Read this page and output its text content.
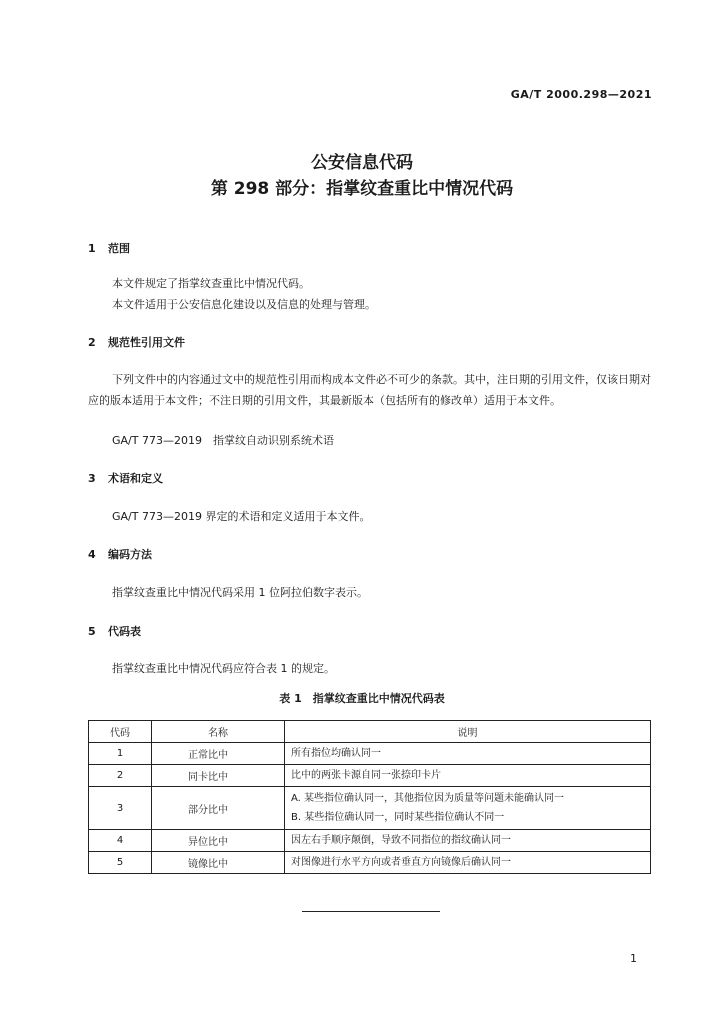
GA/T 2000.298—2021
公安信息代码
第 298 部分：指掌纹查重比中情况代码
1 范围
本文件规定了指掌纹查重比中情况代码。
本文件适用于公安信息化建设以及信息的处理与管理。
2 规范性引用文件
下列文件中的内容通过文中的规范性引用而构成本文件必不可少的条款。其中，注日期的引用文件，仅该日期对应的版本适用于本文件；不注日期的引用文件，其最新版本（包括所有的修改单）适用于本文件。
GA/T 773—2019　指掌纹自动识别系统术语
3 术语和定义
GA/T 773—2019 界定的术语和定义适用于本文件。
4 编码方法
指掌纹查重比中情况代码采用 1 位阿拉伯数字表示。
5 代码表
指掌纹查重比中情况代码应符合表 1 的规定。
表 1　指掌纹查重比中情况代码表
代码	名称	说明
1	正常比中	所有指位均确认同一
2	同卡比中	比中的两张卡源自同一张捺印卡片
3	部分比中	A. 某些指位确认同一，其他指位因为质量等问题未能确认同一
B. 某些指位确认同一，同时某些指位确认不同一

4	异位比中	因左右手顺序颠倒，导致不同指位的指纹确认同一
5	镜像比中	对图像进行水平方向或者垂直方向镜像后确认同一
1
